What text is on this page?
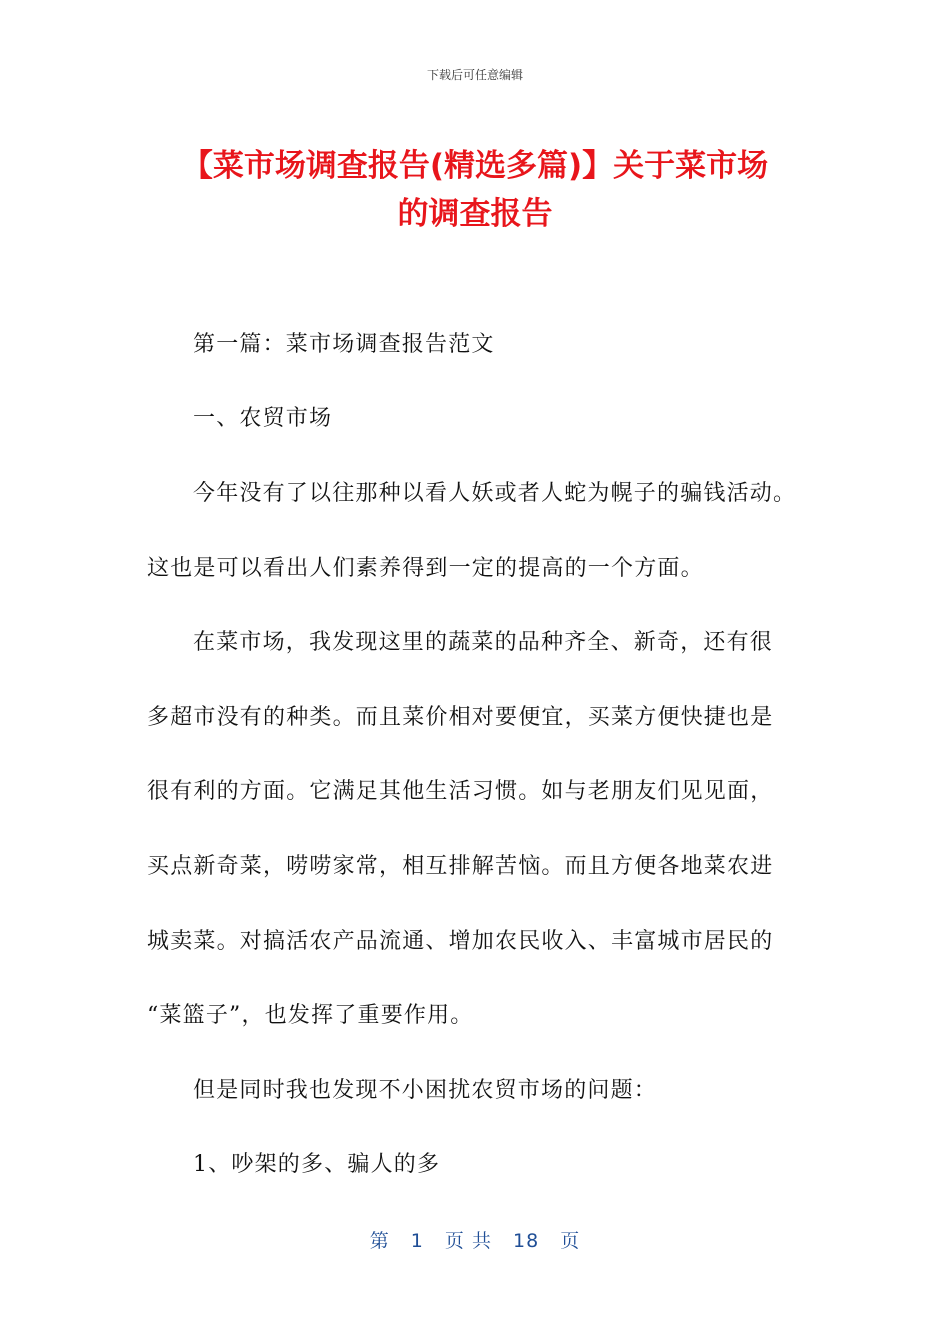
下载后可任意编辑
【菜市场调查报告(精选多篇)】关于菜市场
的调查报告
第一篇：菜市场调查报告范文
一、农贸市场
今年没有了以往那种以看人妖或者人蛇为幌子的骗钱活动。
这也是可以看出人们素养得到一定的提高的一个方面。
在菜市场，我发现这里的蔬菜的品种齐全、新奇，还有很
多超市没有的种类。而且菜价相对要便宜，买菜方便快捷也是
很有利的方面。它满足其他生活习惯。如与老朋友们见见面，
买点新奇菜，唠唠家常，相互排解苦恼。而且方便各地菜农进
城卖菜。对搞活农产品流通、增加农民收入、丰富城市居民的
“菜篮子”，也发挥了重要作用。
但是同时我也发现不小困扰农贸市场的问题：
1、吵架的多、骗人的多
第 1 页 共 18 页
